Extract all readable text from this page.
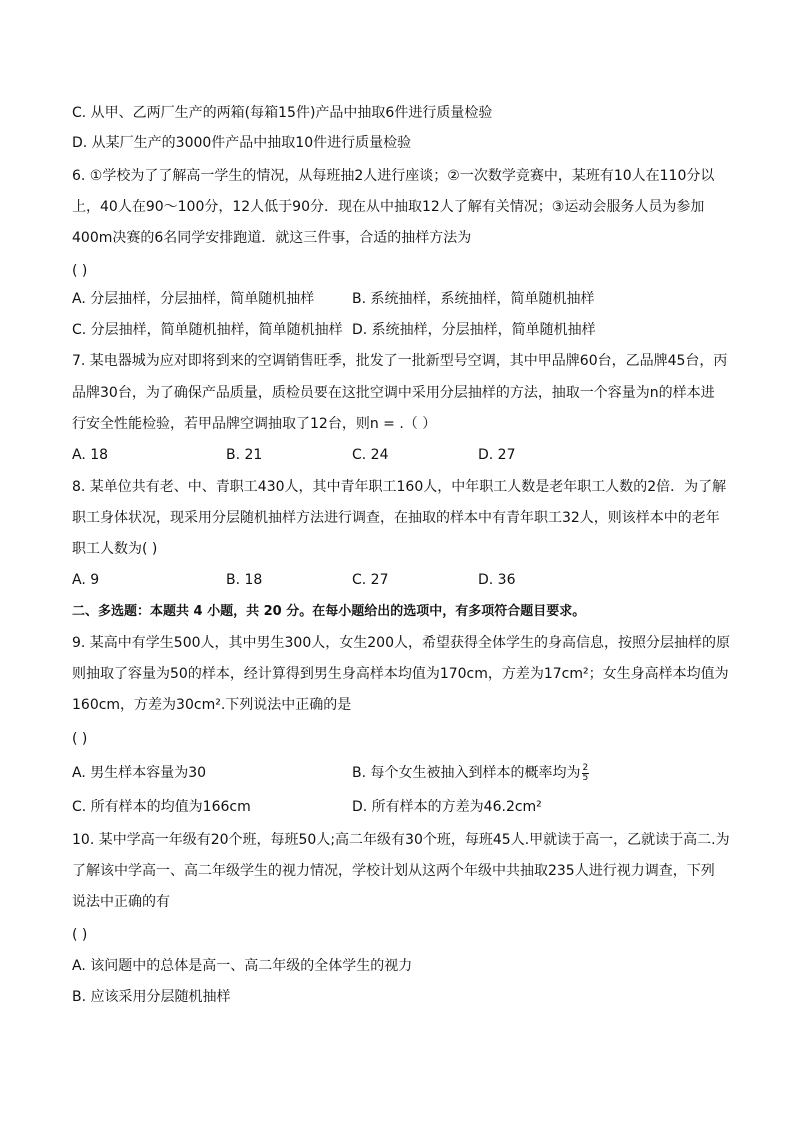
C. 从甲、乙两厂生产的两箱(每箱15件)产品中抽取6件进行质量检验
D. 从某厂生产的3000件产品中抽取10件进行质量检验
6. ①学校为了了解高一学生的情况，从每班抽2人进行座谈；②一次数学竞赛中，某班有10人在110分以
上，40人在90～100分，12人低于90分．现在从中抽取12人了解有关情况；③运动会服务人员为参加
400m决赛的6名同学安排跑道．就这三件事，合适的抽样方法为
( )
A. 分层抽样，分层抽样，简单随机抽样	B. 系统抽样，系统抽样，简单随机抽样
C. 分层抽样，简单随机抽样，简单随机抽样 D. 系统抽样，分层抽样，简单随机抽样
7. 某电器城为应对即将到来的空调销售旺季，批发了一批新型号空调，其中甲品牌60台，乙品牌45台，丙
品牌30台，为了确保产品质量，质检员要在这批空调中采用分层抽样的方法，抽取一个容量为n的样本进
行安全性能检验，若甲品牌空调抽取了12台，则n = .（ ）
A. 18	B. 21	C. 24	D. 27
8. 某单位共有老、中、青职工430人，其中青年职工160人，中年职工人数是老年职工人数的2倍．为了解
职工身体状况，现采用分层随机抽样方法进行调查，在抽取的样本中有青年职工32人，则该样本中的老年
职工人数为( )
A. 9	B. 18	C. 27	D. 36
二、多选题：本题共 4 小题，共 20 分。在每小题给出的选项中，有多项符合题目要求。
9. 某高中有学生500人，其中男生300人，女生200人，希望获得全体学生的身高信息，按照分层抽样的原
则抽取了容量为50的样本，经计算得到男生身高样本均值为170cm，方差为17cm²；女生身高样本均值为
160cm，方差为30cm².下列说法中正确的是
( )
A. 男生样本容量为30	B. 每个女生被抽入到样本的概率均为 $\frac{2}{5}$
C. 所有样本的均值为166cm	D. 所有样本的方差为46.2cm²
10. 某中学高一年级有20个班，每班50人;高二年级有30个班，每班45人.甲就读于高一，乙就读于高二.为
了解该中学高一、高二年级学生的视力情况，学校计划从这两个年级中共抽取235人进行视力调查，下列
说法中正确的有
( )
A. 该问题中的总体是高一、高二年级的全体学生的视力
B. 应该采用分层随机抽样
